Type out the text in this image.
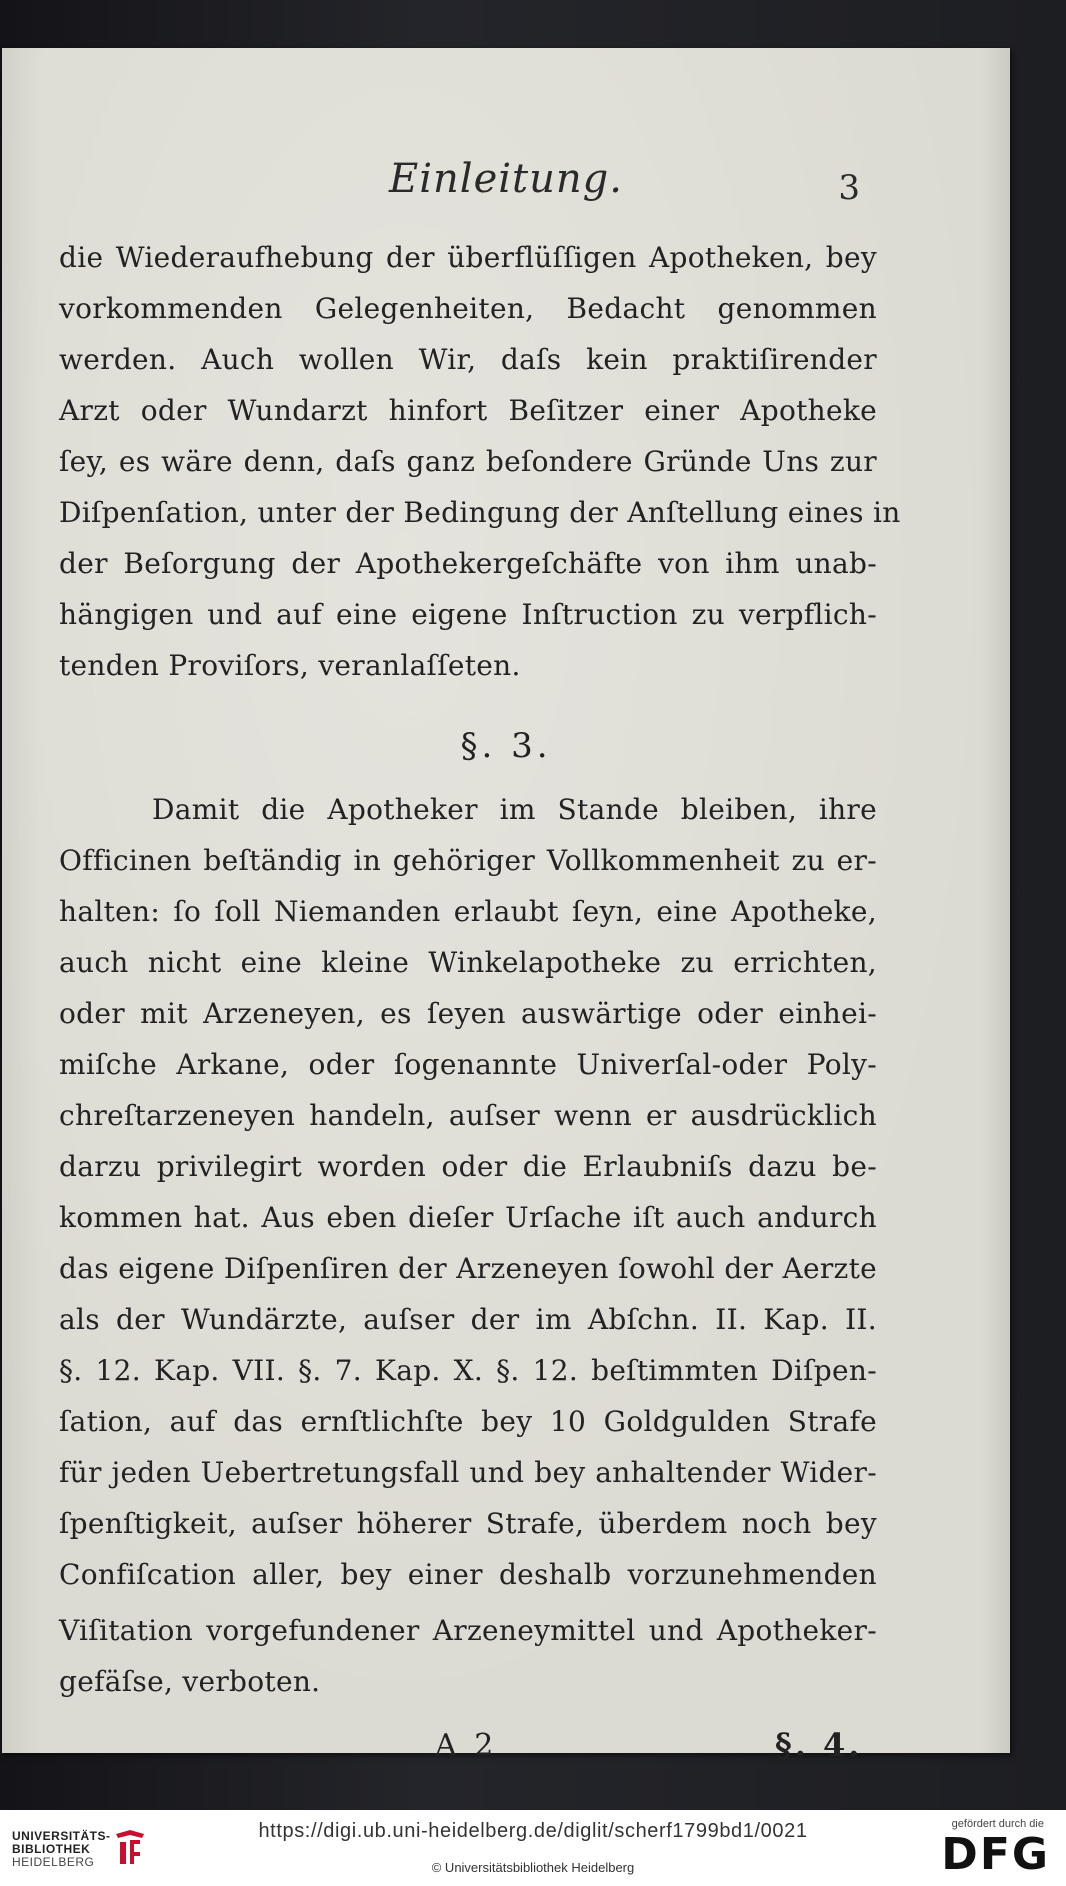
Einleitung.	3
die Wiederaufhebung der überflüſſigen Apotheken, bey
vorkommenden Gelegenheiten, Bedacht genommen
werden. Auch wollen Wir, daſs kein praktiſirender
Arzt oder Wundarzt hinfort Beſitzer einer Apotheke
ſey, es wäre denn, daſs ganz beſondere Gründe Uns zur
Diſpenſation, unter der Bedingung der Anſtellung eines in
der Beſorgung der Apothekergeſchäfte von ihm unab-
hängigen und auf eine eigene Inſtruction zu verpflich-
tenden Proviſors, veranlaſſeten.
§. 3.
Damit die Apotheker im Stande bleiben, ihre
Officinen beſtändig in gehöriger Vollkommenheit zu er-
halten: ſo ſoll Niemanden erlaubt ſeyn, eine Apotheke,
auch nicht eine kleine Winkelapotheke zu errichten,
oder mit Arzeneyen, es ſeyen auswärtige oder einhei-
miſche Arkane, oder ſogenannte Univerſal-oder Poly-
chreſtarzeneyen handeln, auſser wenn er ausdrücklich
darzu privilegirt worden oder die Erlaubniſs dazu be-
kommen hat. Aus eben dieſer Urſache iſt auch andurch
das eigene Diſpenſiren der Arzeneyen ſowohl der Aerzte
als der Wundärzte, auſser der im Abſchn. II. Kap. II.
§. 12. Kap. VII. §. 7. Kap. X. §. 12. beſtimmten Diſpen-
ſation, auf das ernſtlichſte bey 10 Goldgulden Strafe
für jeden Uebertretungsfall und bey anhaltender Wider-
ſpenſtigkeit, auſser höherer Strafe, überdem noch bey
Confiſcation aller, bey einer deshalb vorzunehmenden
Viſitation vorgefundener Arzeneymittel und Apotheker-
gefäſse, verboten.
A 2	§. 4.
UNIVERSITÄTS-
BIBLIOTHEK
HEIDELBERG
https://digi.ub.uni-heidelberg.de/diglit/scherf1799bd1/0021
© Universitätsbibliothek Heidelberg
gefördert durch die
DFG
